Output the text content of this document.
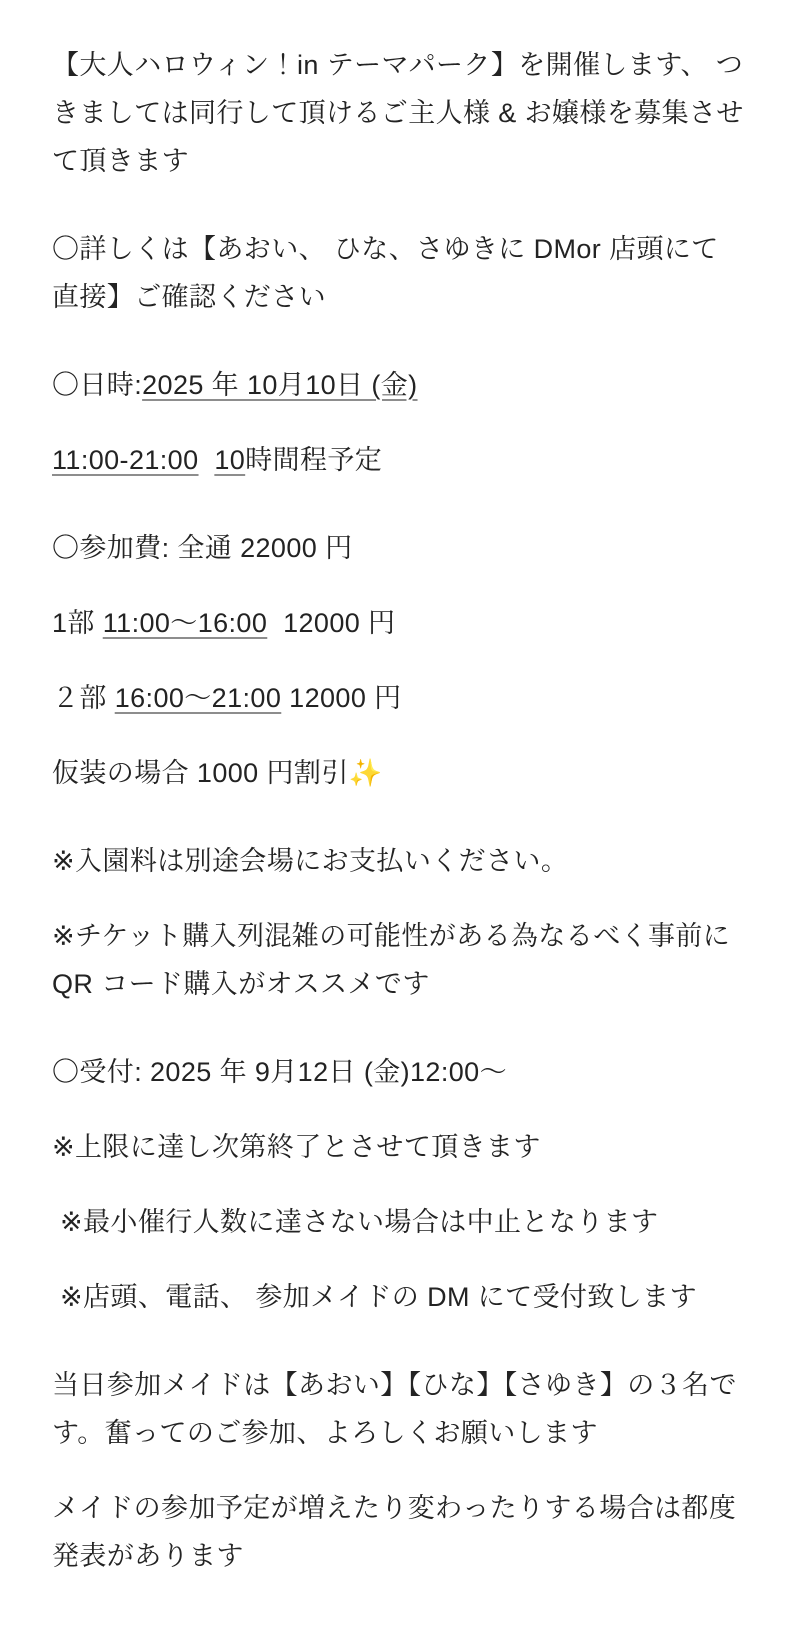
【大人ハロウィン！in テーマパーク】を開催します、 つきましては同行して頂けるご主人様 & お嬢様を募集させて頂きます

〇詳しくは【あおい、 ひな、さゆきに DMor 店頭にて直接】ご確認ください

〇日時:2025 年 10月10日 (金)

11:00-21:00 10時間程予定

〇参加費: 全通 22000 円

1部 11:00〜16:00 12000 円

２部 16:00〜21:00 12000 円

仮装の場合 1000 円割引✨

※入園料は別途会場にお支払いください。

※チケット購入列混雑の可能性がある為なるべく事前に QR コード購入がオススメです

〇受付: 2025 年 9月12日 (金)12:00〜

※上限に達し次第終了とさせて頂きます

※最小催行人数に達さない場合は中止となります

※店頭、電話、 参加メイドの DM にて受付致します

当日参加メイドは【あおい】【ひな】【さゆき】の３名です。奮ってのご参加、よろしくお願いします

メイドの参加予定が増えたり変わったりする場合は都度発表があります
